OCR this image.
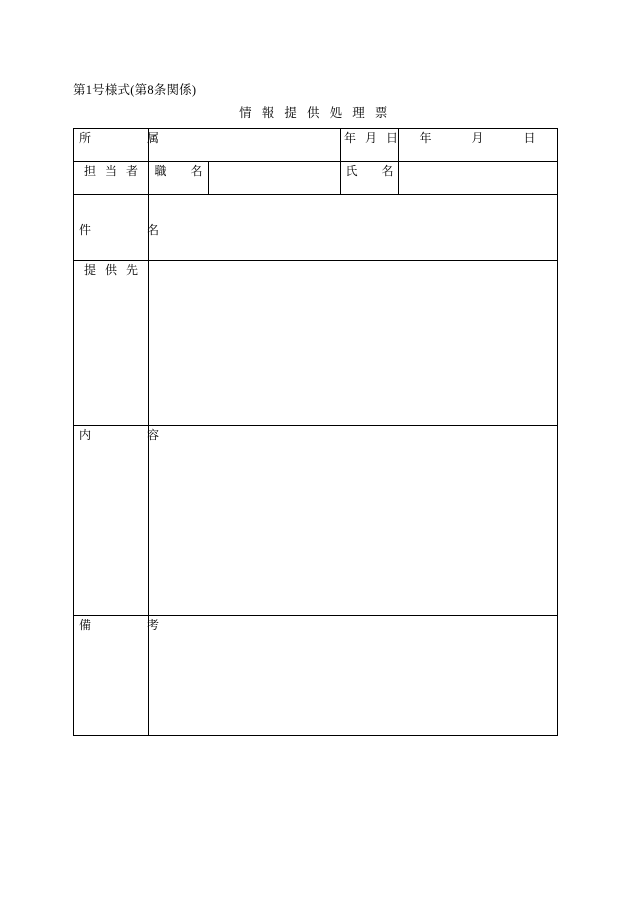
第1号様式(第8条関係)
情 報 提 供 処 理 票
所　　　属			年 月 日	年　　　月　　　日

担 当 者	職　　名		氏　　名	

件　　　名				

提 供 先				

内　　　容				

備　　　考				
